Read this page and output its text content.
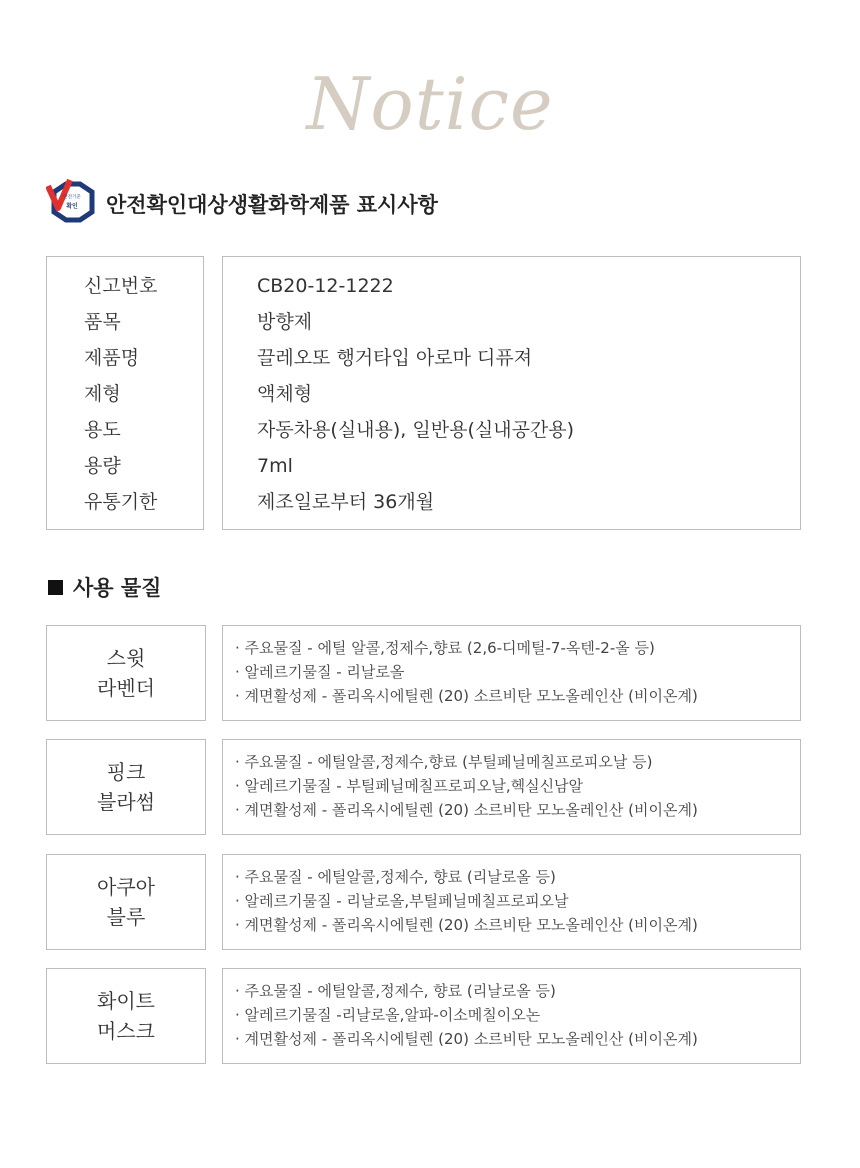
Notice
안전기준
확인	안전확인대상생활화학제품 표시사항
신고번호
품목
제품명
제형
용도
용량
유통기한
CB20-12-1222
방향제
끌레오또 행거타입 아로마 디퓨져
액체형
자동차용(실내용), 일반용(실내공간용)
7ml
제조일로부터 36개월
사용 물질
스윗
라벤더
· 주요물질 - 에틸 알콜,정제수,향료 (2,6-디메틸-7-옥텐-2-올 등)
· 알레르기물질 - 리날로올
· 계면활성제 - 폴리옥시에틸렌 (20) 소르비탄 모노올레인산 (비이온계)
핑크
블라썸
· 주요물질 - 에틸알콜,정제수,향료 (부틸페닐메칠프로피오날 등)
· 알레르기물질 - 부틸페닐메칠프로피오날,헥실신남알
· 계면활성제 - 폴리옥시에틸렌 (20) 소르비탄 모노올레인산 (비이온계)
아쿠아
블루
· 주요물질 - 에틸알콜,정제수, 향료 (리날로올 등)
· 알레르기물질 - 리날로올,부틸페닐메칠프로피오날
· 계면활성제 - 폴리옥시에틸렌 (20) 소르비탄 모노올레인산 (비이온계)
화이트
머스크
· 주요물질 - 에틸알콜,정제수, 향료 (리날로올 등)
· 알레르기물질 -리날로올,알파-이소메칠이오논
· 계면활성제 - 폴리옥시에틸렌 (20) 소르비탄 모노올레인산 (비이온계)
